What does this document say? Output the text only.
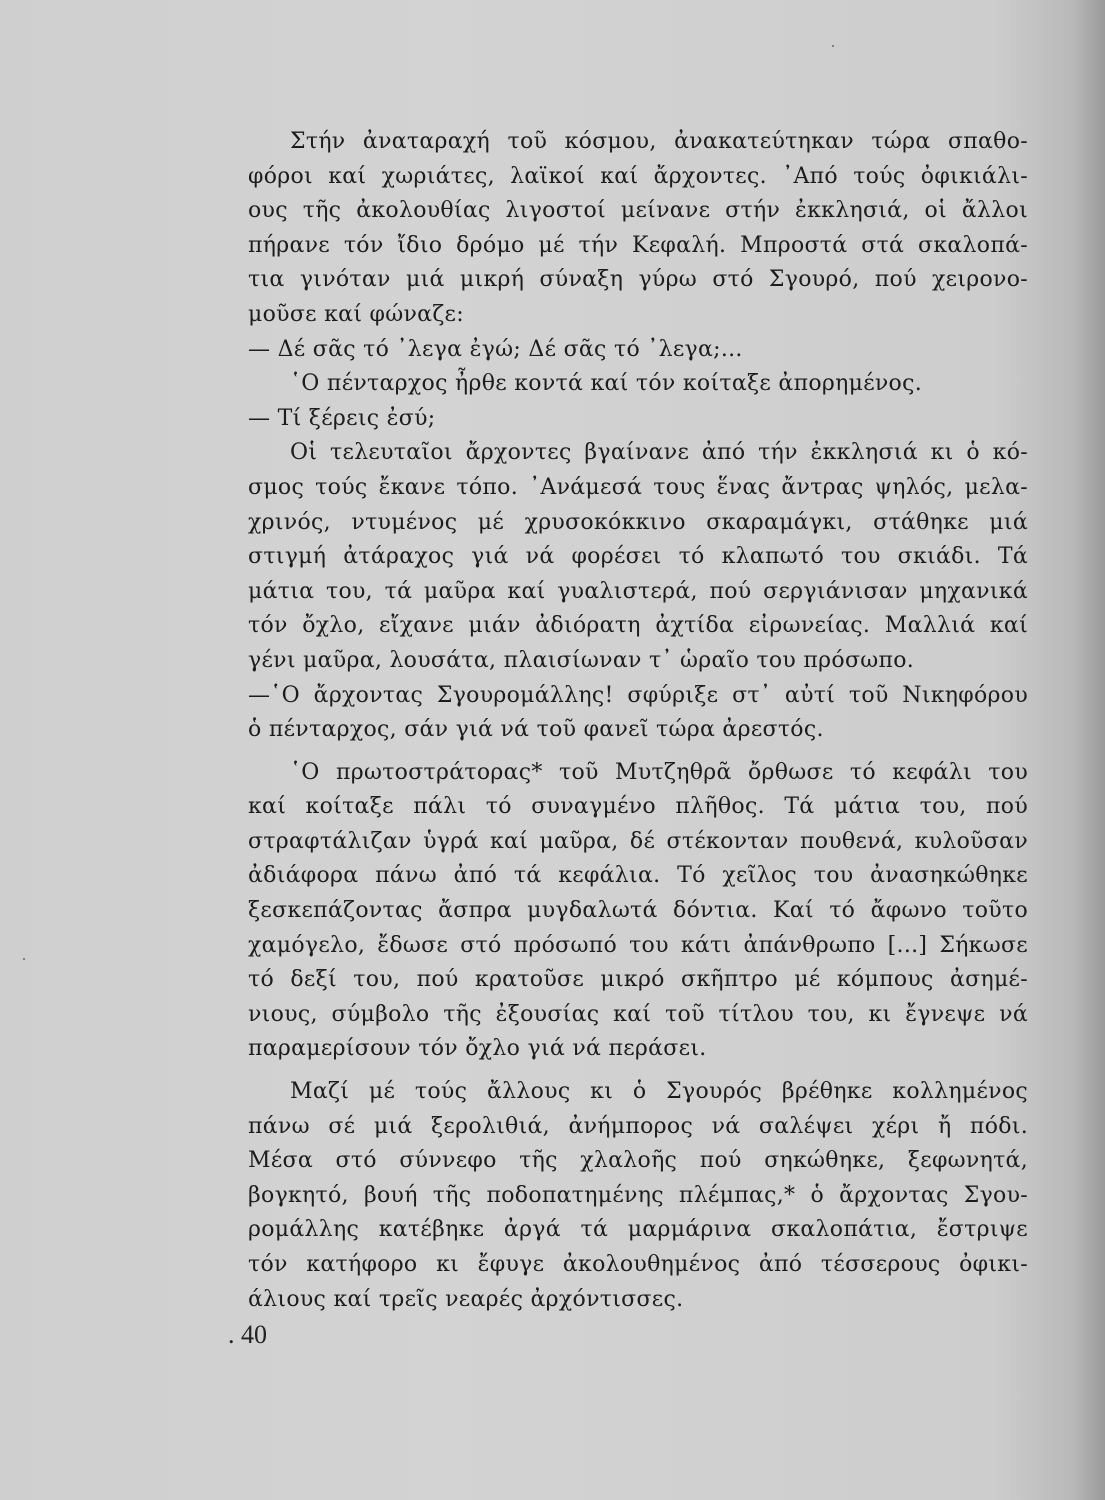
Στήν ἀναταραχή τοῦ κόσμου, ἀνακατεύτηκαν τώρα σπαθο-
φόροι καί χωριάτες, λαϊκοί καί ἄρχοντες. ᾿Από τούς ὀφικιάλι-
ους τῆς ἀκολουθίας λιγοστοί μείνανε στήν ἐκκλησιά, οἱ ἄλλοι
πήρανε τόν ἴδιο δρόμο μέ τήν Κεφαλή. Μπροστά στά σκαλοπά-
τια γινόταν μιά μικρή σύναξη γύρω στό Σγουρό, πού χειρονο-
μοῦσε καί φώναζε:
— Δέ σᾶς τό ᾿λεγα ἐγώ; Δέ σᾶς τό ᾿λεγα;...
῾Ο πένταρχος ἦρθε κοντά καί τόν κοίταξε ἀπορημένος.
— Τί ξέρεις ἐσύ;
Οἱ τελευταῖοι ἄρχοντες βγαίνανε ἀπό τήν ἐκκλησιά κι ὁ κό-
σμος τούς ἔκανε τόπο. ᾿Ανάμεσά τους ἕνας ἄντρας ψηλός, μελα-
χρινός, ντυμένος μέ χρυσοκόκκινο σκαραμάγκι, στάθηκε μιά
στιγμή ἀτάραχος γιά νά φορέσει τό κλαπωτό του σκιάδι. Τά
μάτια του, τά μαῦρα καί γυαλιστερά, πού σεργιάνισαν μηχανικά
τόν ὄχλο, εἴχανε μιάν ἀδιόρατη ἀχτίδα εἰρωνείας. Μαλλιά καί
γένι μαῦρα, λουσάτα, πλαισίωναν τ᾿ ὡραῖο του πρόσωπο.
—῾Ο ἄρχοντας Σγουρομάλλης! σφύριξε στ᾿ αὐτί τοῦ Νικηφόρου
ὁ πένταρχος, σάν γιά νά τοῦ φανεῖ τώρα ἀρεστός.
῾Ο πρωτοστράτορας* τοῦ Μυτζηθρᾶ ὄρθωσε τό κεφάλι του
καί κοίταξε πάλι τό συναγμένο πλῆθος. Τά μάτια του, πού
στραφτάλιζαν ὑγρά καί μαῦρα, δέ στέκονταν πουθενά, κυλοῦσαν
ἀδιάφορα πάνω ἀπό τά κεφάλια. Τό χεῖλος του ἀνασηκώθηκε
ξεσκεπάζοντας ἄσπρα μυγδαλωτά δόντια. Καί τό ἄφωνο τοῦτο
χαμόγελο, ἔδωσε στό πρόσωπό του κάτι ἀπάνθρωπο [...] Σήκωσε
τό δεξί του, πού κρατοῦσε μικρό σκῆπτρο μέ κόμπους ἀσημέ-
νιους, σύμβολο τῆς ἐξουσίας καί τοῦ τίτλου του, κι ἔγνεψε νά
παραμερίσουν τόν ὄχλο γιά νά περάσει.
Μαζί μέ τούς ἄλλους κι ὁ Σγουρός βρέθηκε κολλημένος
πάνω σέ μιά ξερολιθιά, ἀνήμπορος νά σαλέψει χέρι ἤ πόδι.
Μέσα στό σύννεφο τῆς χλαλοῆς πού σηκώθηκε, ξεφωνητά,
βογκητό, βουή τῆς ποδοπατημένης πλέμπας,* ὁ ἄρχοντας Σγου-
ρομάλλης κατέβηκε ἀργά τά μαρμάρινα σκαλοπάτια, ἔστριψε
τόν κατήφορο κι ἔφυγε ἀκολουθημένος ἀπό τέσσερους ὀφικι-
άλιους καί τρεῖς νεαρές ἀρχόντισσες.
. 40
